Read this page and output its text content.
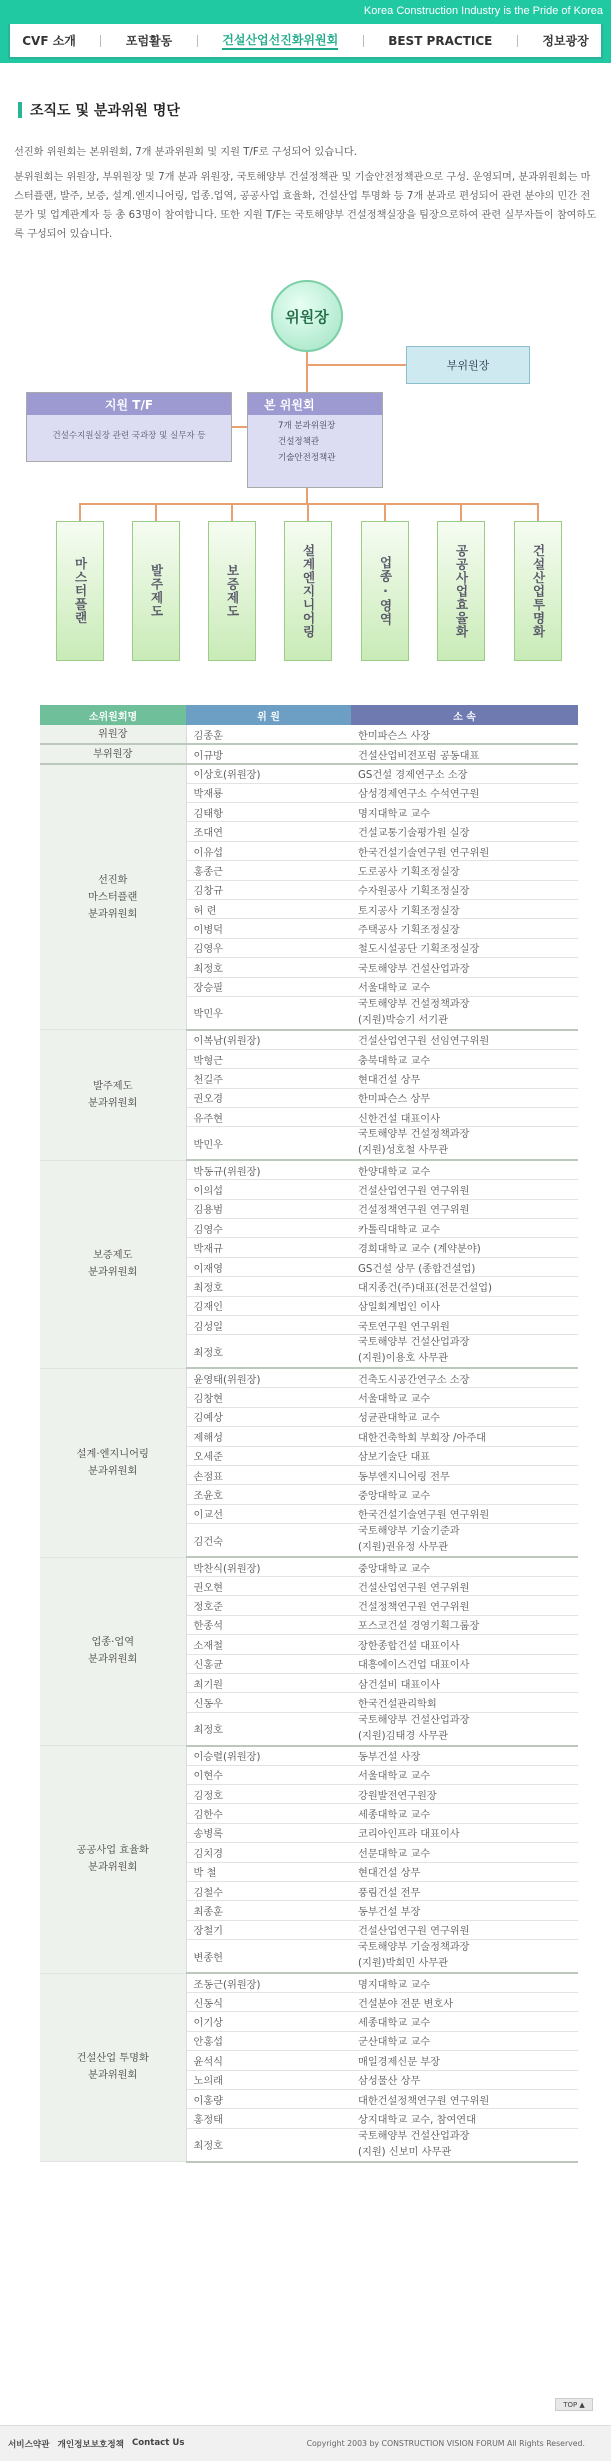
Korea Construction Industry is the Pride of Korea
CVF 소개	포럼활동	건설산업선진화위원회	BEST PRACTICE	정보광장
조직도 및 분과위원 명단

선진화 위원회는 본위원회, 7개 분과위원회 및 지원 T/F로 구성되어 있습니다.

분위원회는 위원장, 부위원장 및 7개 분과 위원장, 국토해양부 건설정책관 및 기술안전정책관으로 구성. 운영되며, 분과위원회는 마스터플랜, 발주, 보증, 설계.엔지니어링, 업종.업역, 공공사업 효율화, 건설산업 투명화 등 7개 분과로 편성되어 관련 분야의 민간 전문가 및 업계관계자 등 총 63명이 참여합니다. 또한 지원 T/F는 국토해양부 건설정책실장을 팀장으로하여 관련 실무자들이 참여하도록 구성되어 있습니다.

위원장
부위원장
지원 T/F
건설수지원실장 관련 국과장 및 실무자 등
본 위원회
7개 분과위원장
건설정책관
기술안전정책관
마스터플랜	발주제도	보증제도	설계엔지니어링	업종·영역	공공사업효율화	건설산업투명화
소위원회명	위 원	소 속
위원장	김종훈	한미파슨스 사장
부위원장	이규방	건설산업비전포럼 공동대표
선진화
마스터플랜
분과위원회	이상호(위원장)	GS건설 경제연구소 소장
	박재룡	삼성경제연구소 수석연구원
	김태항	명지대학교 교수
	조대연	건설교통기술평가원 실장
	이유섭	한국건설기술연구원 연구위원
	홍종근	도로공사 기획조정실장
	김창규	수자원공사 기획조정실장
	허 련	토지공사 기획조정실장
	이병덕	주택공사 기획조정실장
	김영우	철도시설공단 기획조정실장
	최정호	국토해양부 건설산업과장
	장승필	서울대학교 교수
	박민우	국토해양부 건설정책과장
(지원)박승기 서기관
발주제도
분과위원회	이복남(위원장)	건설산업연구원 선임연구위원
	박형근	충북대학교 교수
	천길주	현대건설 상무
	권오경	한미파슨스 상무
	유주현	신한건설 대표이사
	박민우	국토해양부 건설정책과장
(지원)성호철 사무관
보증제도
분과위원회	박동규(위원장)	한양대학교 교수
	이의섭	건설산업연구원 연구위원
	김용범	건설정책연구원 연구위원
	김영수	카톨릭대학교 교수
	박재규	경희대학교 교수 (계약분야)
	이재영	GS건설 상무 (종합건설업)
	최정호	대지종건(주)대표(전문건설업)
	김재인	삼일회계법인 이사
	김성일	국토연구원 연구위원
	최정호	국토해양부 건설산업과장
(지원)이용호 사무관
설계·엔지니어링
분과위원회	윤영태(위원장)	건축도시공간연구소 소장
	김창현	서울대학교 교수
	김예상	성균관대학교 교수
	제해성	대한건축학회 부회장 /아주대
	오세준	삼보기술단 대표
	손점표	동부엔지니어링 전무
	조윤호	중앙대학교 교수
	이교선	한국건설기술연구원 연구위원
	김건숙	국토해양부 기술기준과
(지원)권유정 사무관
업종·업역
분과위원회	박찬식(위원장)	중앙대학교 교수
	권오현	건설산업연구원 연구위원
	정호준	건설정책연구원 연구위원
	한종석	포스코건설 경영기획그룹장
	소재철	장한종합건설 대표이사
	신홍균	대흥에이스건업 대표이사
	최기원	삼건설비 대표이사
	신동우	한국건설관리학회
	최정호	국토해양부 건설산업과장
(지원)김태경 사무관
공공사업 효율화
분과위원회	이승렬(위원장)	동부건설 사장
	이현수	서울대학교 교수
	김정호	강원발전연구원장
	김한수	세종대학교 교수
	송병록	코리아인프라 대표이사
	김치경	선문대학교 교수
	박 철	현대건설 상무
	김철수	풍림건설 전무
	최종훈	동부건설 부장
	장철기	건설산업연구원 연구위원
	변종헌	국토해양부 기술정책과장
(지원)박희민 사무관
건설산업 투명화
분과위원회	조동근(위원장)	명지대학교 교수
	신동식	건설분야 전문 변호사
	이기상	세종대학교 교수
	안홍섭	군산대학교 교수
	윤석식	매일경제신문 부장
	노의래	삼성물산 상무
	이홍량	대한건설정책연구원 연구위원
	홍정태	상지대학교 교수, 참여연대
	최정호	국토해양부 건설산업과장
(지원) 신보미 사무관
TOP ▲
서비스약관 개인정보보호정책 Contact Us	Copyright 2003 by CONSTRUCTION VISION FORUM All Rights Reserved.
